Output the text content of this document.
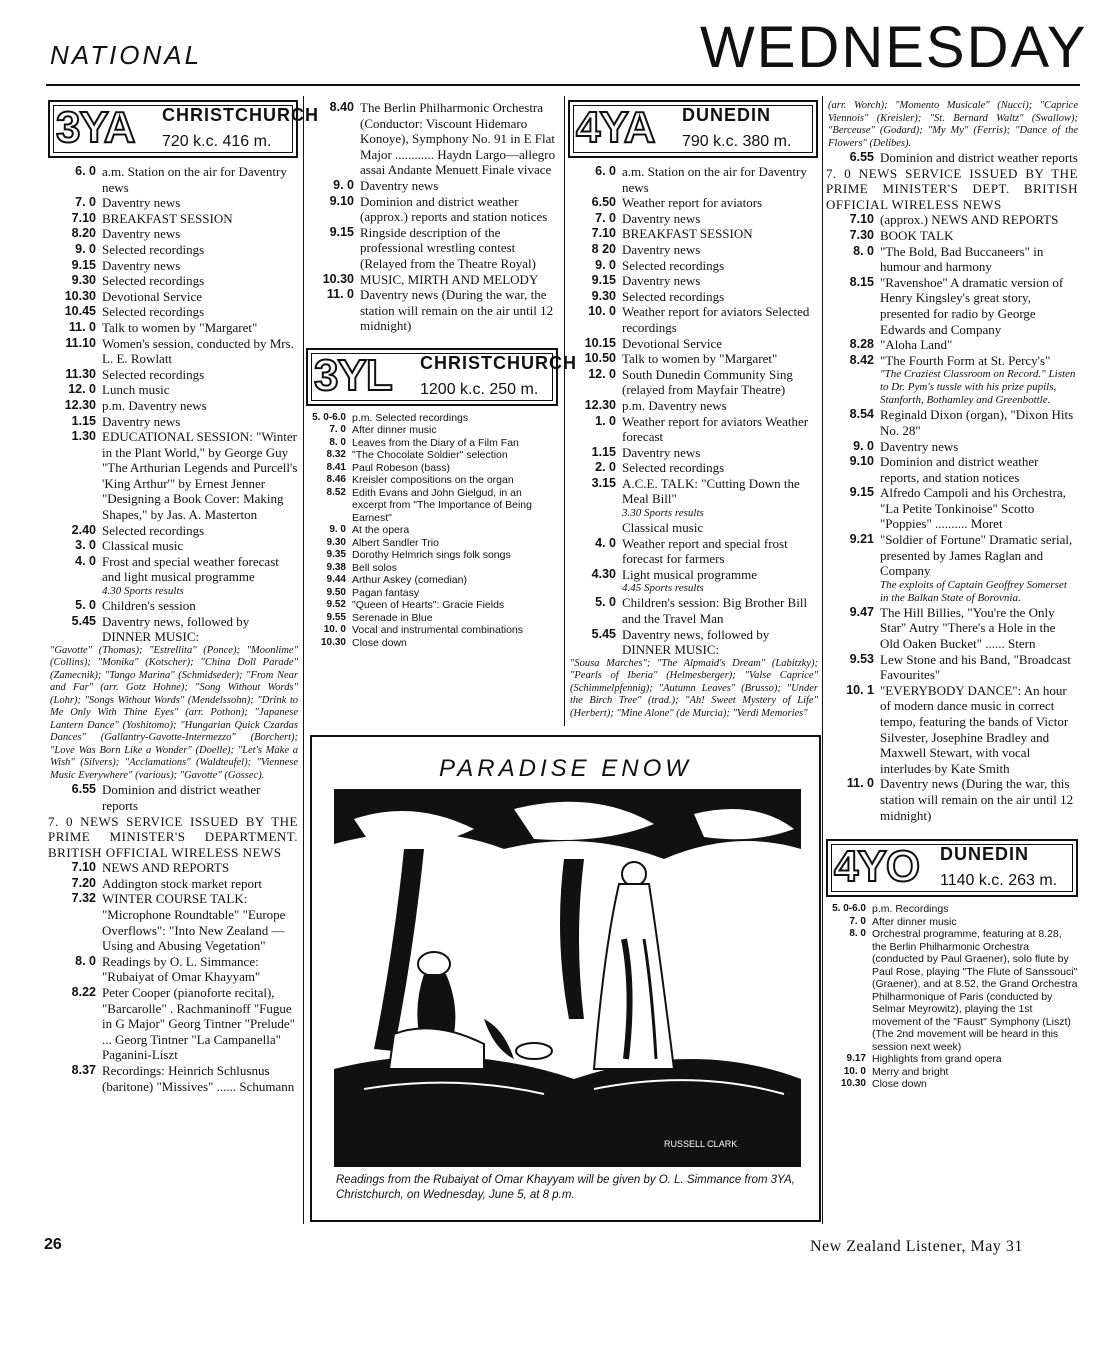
NATIONAL	WEDNESDAY
3YA CHRISTCHURCH
720 k.c. 416 m.
6. 0 a.m. Station on the air for Daventry news
7. 0 Daventry news
7.10 BREAKFAST SESSION
8.20 Daventry news
9. 0 Selected recordings
9.15 Daventry news
9.30 Selected recordings
10.30 Devotional Service
10.45 Selected recordings
11. 0 Talk to women by "Margaret"
11.10 Women's session, conducted by Mrs. L. E. Rowlatt
11.30 Selected recordings
12. 0 Lunch music
12.30 p.m. Daventry news
1.15 Daventry news
1.30 EDUCATIONAL SESSION: "Winter in the Plant World," by George Guy "The Arthurian Legends and Purcell's 'King Arthur'" by Ernest Jenner "Designing a Book Cover: Making Shapes," by Jas. A. Masterton
2.40 Selected recordings
3. 0 Classical music
4. 0 Frost and special weather forecast and light musical programme
4.30 Sports results
5. 0 Children's session
5.45 Daventry news, followed by DINNER MUSIC:
"Gavotte" (Thomas); "Estrellita" (Ponce); "Moonlime" (Collins); "Monika" (Kotscher); "China Doll Parade" (Zamecnik); "Tango Marina" (Schmidseder); "From Near and Far" (arr. Gotz Hohne); "Song Without Words" (Lohr); "Songs Without Words" (Mendelssohn); "Drink to Me Only With Thine Eyes" (arr. Pothon); "Japanese Lantern Dance" (Yoshitomo); "Hungarian Quick Czardas Dances" (Gallantry-Gavotte-Intermezzo" (Borchert); "Love Was Born Like a Wonder" (Doelle); "Let's Make a Wish" (Silvers); "Acclamations" (Waldteufel); "Viennese Music Everywhere" (various); "Gavotte" (Gossec).
6.55 Dominion and district weather reports
7. 0 NEWS SERVICE ISSUED BY THE PRIME MINISTER'S DEPARTMENT. BRITISH OFFICIAL WIRELESS NEWS
7.10 NEWS AND REPORTS
7.20 Addington stock market report
7.32 WINTER COURSE TALK: "Microphone Roundtable" "Europe Overflows": "Into New Zealand — Using and Abusing Vegetation"
8. 0 Readings by O. L. Simmance: "Rubaiyat of Omar Khayyam"
8.22 Peter Cooper (pianoforte recital), "Barcarolle" . Rachmaninoff "Fugue in G Major" Georg Tintner "Prelude" ... Georg Tintner "La Campanella" Paganini-Liszt
8.37 Recordings: Heinrich Schlusnus (baritone) "Missives" ...... Schumann
8.40 The Berlin Philharmonic Orchestra (Conductor: Viscount Hidemaro Konoye), Symphony No. 91 in E Flat Major ............ Haydn Largo—allegro assai Andante Menuett Finale vivace
9. 0 Daventry news
9.10 Dominion and district weather (approx.) reports and station notices
9.15 Ringside description of the professional wrestling contest (Relayed from the Theatre Royal)
10.30 MUSIC, MIRTH AND MELODY
11. 0 Daventry news (During the war, the station will remain on the air until 12 midnight)
3YL CHRISTCHURCH
1200 k.c. 250 m.
5. 0-6.0 p.m. Selected recordings
7. 0 After dinner music
8. 0 Leaves from the Diary of a Film Fan
8.32 "The Chocolate Soldier" selection
8.41 Paul Robeson (bass)
8.46 Kreisler compositions on the organ
8.52 Edith Evans and John Gielgud, in an excerpt from "The Importance of Being Earnest"
9. 0 At the opera
9.30 Albert Sandler Trio
9.35 Dorothy Helmrich sings folk songs
9.38 Bell solos
9.44 Arthur Askey (comedian)
9.50 Pagan fantasy
9.52 "Queen of Hearts": Gracie Fields
9.55 Serenade in Blue
10. 0 Vocal and instrumental combinations
10.30 Close down
4YA DUNEDIN
790 k.c. 380 m.
6. 0 a.m. Station on the air for Daventry news
6.50 Weather report for aviators
7. 0 Daventry news
7.10 BREAKFAST SESSION
8 20 Daventry news
9. 0 Selected recordings
9.15 Daventry news
9.30 Selected recordings
10. 0 Weather report for aviators Selected recordings
10.15 Devotional Service
10.50 Talk to women by "Margaret"
12. 0 South Dunedin Community Sing (relayed from Mayfair Theatre)
12.30 p.m. Daventry news
1. 0 Weather report for aviators Weather forecast
1.15 Daventry news
2. 0 Selected recordings
3.15 A.C.E. TALK: "Cutting Down the Meal Bill"
3.30 Sports results
Classical music
4. 0 Weather report and special frost forecast for farmers
4.30 Light musical programme
4.45 Sports results
5. 0 Children's session: Big Brother Bill and the Travel Man
5.45 Daventry news, followed by DINNER MUSIC:
"Sousa Marches"; "The Alpmaid's Dream" (Labitzky); "Pearls of Iberia" (Helmesberger); "Valse Caprice" (Schimmelpfennig); "Autumn Leaves" (Brusso); "Under the Birch Tree" (trad.); "Ah! Sweet Mystery of Life" (Herbert); "Mine Alone" (de Murcia); "Verdi Memories"
(arr. Worch); "Momento Musicale" (Nucci); "Caprice Viennois" (Kreisler); "St. Bernard Waltz" (Swallow); "Berceuse" (Godard); "My My" (Ferris); "Dance of the Flowers" (Delibes).
6.55 Dominion and district weather reports
7. 0 NEWS SERVICE ISSUED BY THE PRIME MINISTER'S DEPT. BRITISH OFFICIAL WIRELESS NEWS
7.10 (approx.) NEWS AND REPORTS
7.30 BOOK TALK
8. 0 "The Bold, Bad Buccaneers" in humour and harmony
8.15 "Ravenshoe" A dramatic version of Henry Kingsley's great story, presented for radio by George Edwards and Company
8.28 "Aloha Land"
8.42 "The Fourth Form at St. Percy's"
"The Craziest Classroom on Record." Listen to Dr. Pym's tussle with his prize pupils, Stanforth, Bothamley and Greenbottle.
8.54 Reginald Dixon (organ), "Dixon Hits No. 28"
9. 0 Daventry news
9.10 Dominion and district weather reports, and station notices
9.15 Alfredo Campoli and his Orchestra, "La Petite Tonkinoise" Scotto "Poppies" .......... Moret
9.21 "Soldier of Fortune" Dramatic serial, presented by James Raglan and Company
The exploits of Captain Geoffrey Somerset in the Balkan State of Borovnia.
9.47 The Hill Billies, "You're the Only Star" Autry "There's a Hole in the Old Oaken Bucket" ...... Stern
9.53 Lew Stone and his Band, "Broadcast Favourites"
10. 1 "EVERYBODY DANCE": An hour of modern dance music in correct tempo, featuring the bands of Victor Silvester, Josephine Bradley and Maxwell Stewart, with vocal interludes by Kate Smith
11. 0 Daventry news (During the war, this station will remain on the air until 12 midnight)
4YO DUNEDIN
1140 k.c. 263 m.
5. 0-6.0 p.m. Recordings
7. 0 After dinner music
8. 0 Orchestral programme, featuring at 8.28, the Berlin Philharmonic Orchestra (conducted by Paul Graener), solo flute by Paul Rose, playing "The Flute of Sanssouci" (Graener), and at 8.52, the Grand Orchestra Philharmonique of Paris (conducted by Selmar Meyrowitz), playing the 1st movement of the "Faust" Symphony (Liszt) (The 2nd movement will be heard in this session next week)
9.17 Highlights from grand opera
10. 0 Merry and bright
10.30 Close down
PARADISE ENOW
RUSSELL CLARK
Readings from the Rubaiyat of Omar Khayyam will be given by O. L. Simmance from 3YA, Christchurch, on Wednesday, June 5, at 8 p.m.
26	New Zealand Listener, May 31
